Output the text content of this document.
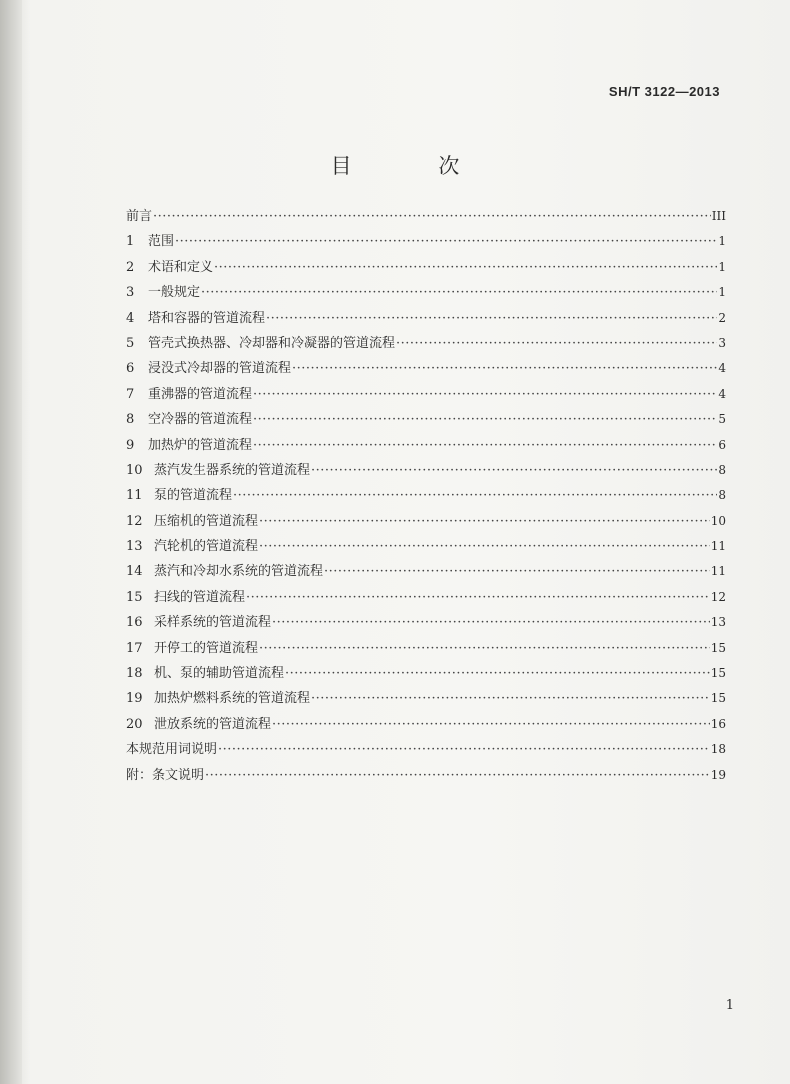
SH/T 3122—2013
目 次
前言 ·····	III
1	范围 ·····	1
2	术语和定义 ·····	1
3	一般规定 ·····	1
4	塔和容器的管道流程 ·····	2
5	管壳式换热器、冷却器和冷凝器的管道流程 ·····	3
6	浸没式冷却器的管道流程 ·····	4
7	重沸器的管道流程 ·····	4
8	空冷器的管道流程 ·····	5
9	加热炉的管道流程 ·····	6
10 蒸汽发生器系统的管道流程 ·····	8
11 泵的管道流程 ·····	8
12 压缩机的管道流程 ·····	10
13 汽轮机的管道流程 ·····	11
14 蒸汽和冷却水系统的管道流程 ·····	11
15 扫线的管道流程 ·····	12
16 采样系统的管道流程 ·····	13
17 开停工的管道流程 ·····	15
18 机、泵的辅助管道流程 ·····	15
19 加热炉燃料系统的管道流程 ·····	15
20 泄放系统的管道流程 ·····	16
本规范用词说明 ·····	18
附：条文说明 ·····	19
1
